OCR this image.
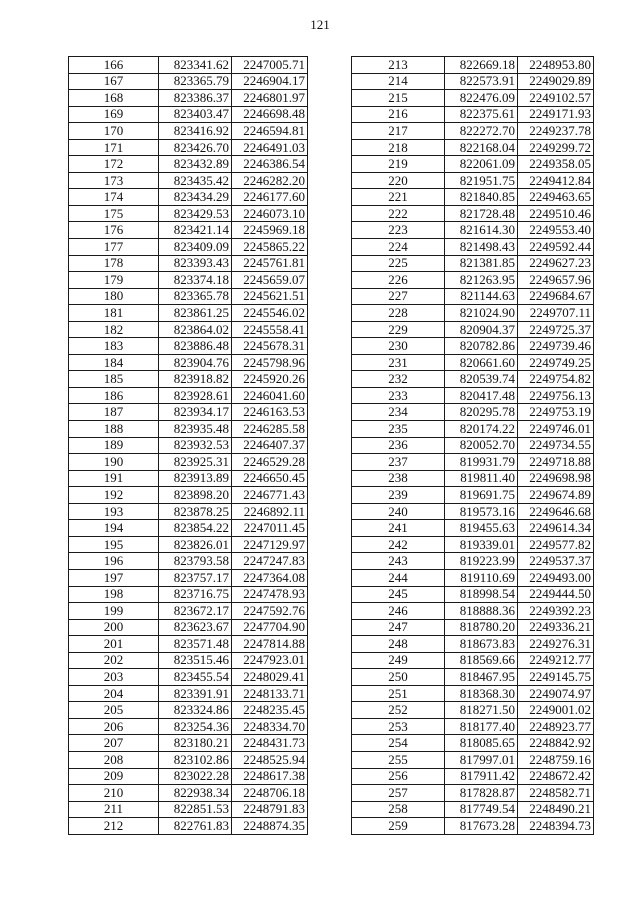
121
166	823341.62	2247005.71
167	823365.79	2246904.17
168	823386.37	2246801.97
169	823403.47	2246698.48
170	823416.92	2246594.81
171	823426.70	2246491.03
172	823432.89	2246386.54
173	823435.42	2246282.20
174	823434.29	2246177.60
175	823429.53	2246073.10
176	823421.14	2245969.18
177	823409.09	2245865.22
178	823393.43	2245761.81
179	823374.18	2245659.07
180	823365.78	2245621.51
181	823861.25	2245546.02
182	823864.02	2245558.41
183	823886.48	2245678.31
184	823904.76	2245798.96
185	823918.82	2245920.26
186	823928.61	2246041.60
187	823934.17	2246163.53
188	823935.48	2246285.58
189	823932.53	2246407.37
190	823925.31	2246529.28
191	823913.89	2246650.45
192	823898.20	2246771.43
193	823878.25	2246892.11
194	823854.22	2247011.45
195	823826.01	2247129.97
196	823793.58	2247247.83
197	823757.17	2247364.08
198	823716.75	2247478.93
199	823672.17	2247592.76
200	823623.67	2247704.90
201	823571.48	2247814.88
202	823515.46	2247923.01
203	823455.54	2248029.41
204	823391.91	2248133.71
205	823324.86	2248235.45
206	823254.36	2248334.70
207	823180.21	2248431.73
208	823102.86	2248525.94
209	823022.28	2248617.38
210	822938.34	2248706.18
211	822851.53	2248791.83
212	822761.83	2248874.35
213	822669.18	2248953.80
214	822573.91	2249029.89
215	822476.09	2249102.57
216	822375.61	2249171.93
217	822272.70	2249237.78
218	822168.04	2249299.72
219	822061.09	2249358.05
220	821951.75	2249412.84
221	821840.85	2249463.65
222	821728.48	2249510.46
223	821614.30	2249553.40
224	821498.43	2249592.44
225	821381.85	2249627.23
226	821263.95	2249657.96
227	821144.63	2249684.67
228	821024.90	2249707.11
229	820904.37	2249725.37
230	820782.86	2249739.46
231	820661.60	2249749.25
232	820539.74	2249754.82
233	820417.48	2249756.13
234	820295.78	2249753.19
235	820174.22	2249746.01
236	820052.70	2249734.55
237	819931.79	2249718.88
238	819811.40	2249698.98
239	819691.75	2249674.89
240	819573.16	2249646.68
241	819455.63	2249614.34
242	819339.01	2249577.82
243	819223.99	2249537.37
244	819110.69	2249493.00
245	818998.54	2249444.50
246	818888.36	2249392.23
247	818780.20	2249336.21
248	818673.83	2249276.31
249	818569.66	2249212.77
250	818467.95	2249145.75
251	818368.30	2249074.97
252	818271.50	2249001.02
253	818177.40	2248923.77
254	818085.65	2248842.92
255	817997.01	2248759.16
256	817911.42	2248672.42
257	817828.87	2248582.71
258	817749.54	2248490.21
259	817673.28	2248394.73
